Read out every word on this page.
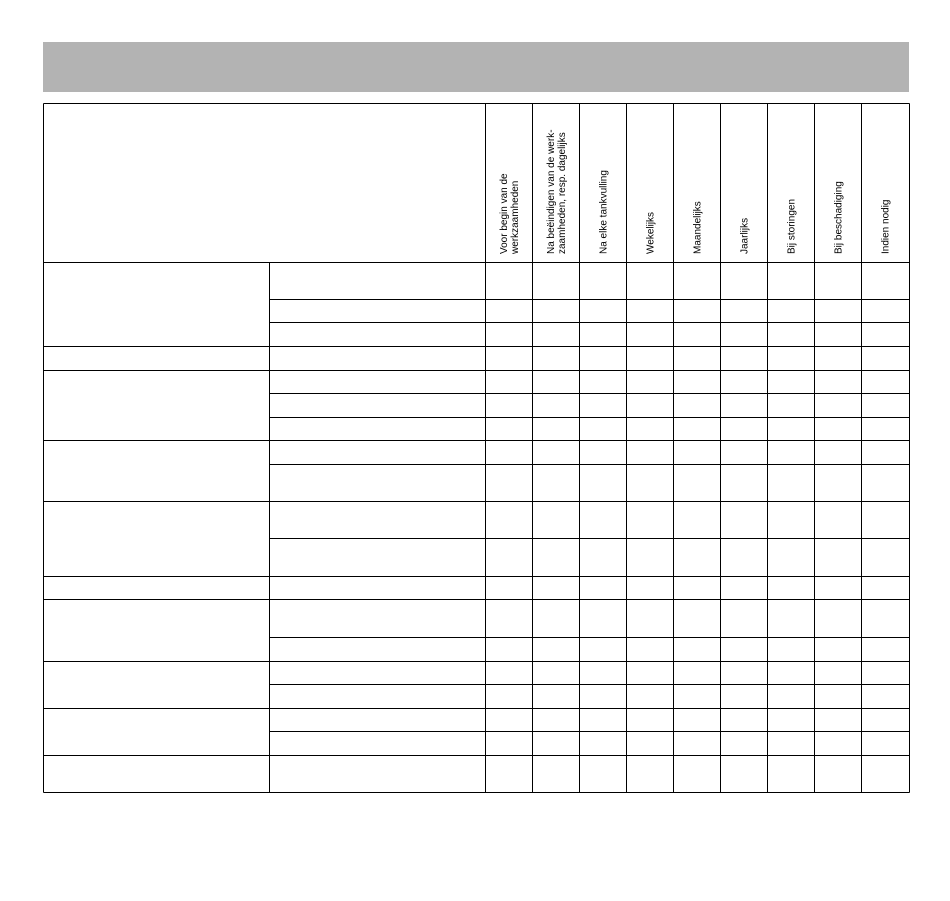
Voor begin van de werkzaamheden	Na beëindigen van de werk- zaamheden, resp. dagelijks	Na elke tankvulling	Wekelijks	Maandelijks	Jaarlijks	Bij storingen	Bij beschadiging	Indien nodig
